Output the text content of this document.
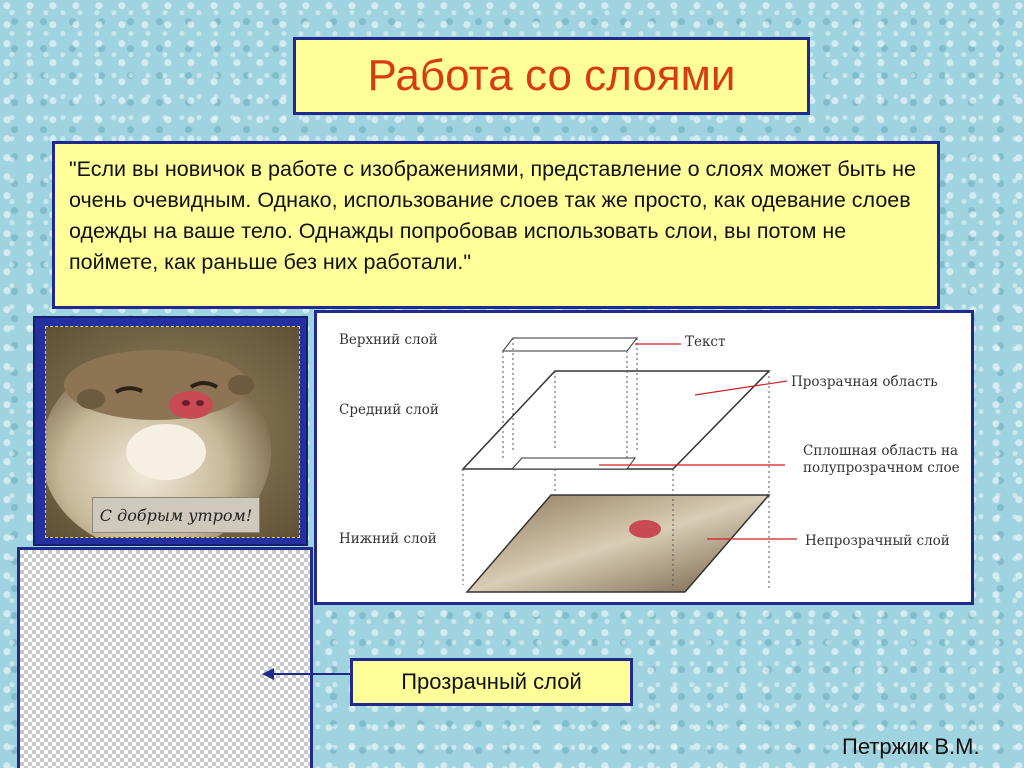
Работа со слоями

"Если вы новичок в работе с изображениями, представление о слоях может быть не очень очевидным. Однако, использование слоев так же просто, как одевание слоев одежды на ваше тело. Однажды попробовав использовать слои, вы потом не поймете, как раньше без них работали."

С добрым утром!
Верхний слой
Средний слой
Нижний слой
Текст
Прозрачная область
Сплошная область на
полупрозрачном слое
Непрозрачный слой
Прозрачный слой
Петржик В.М.
